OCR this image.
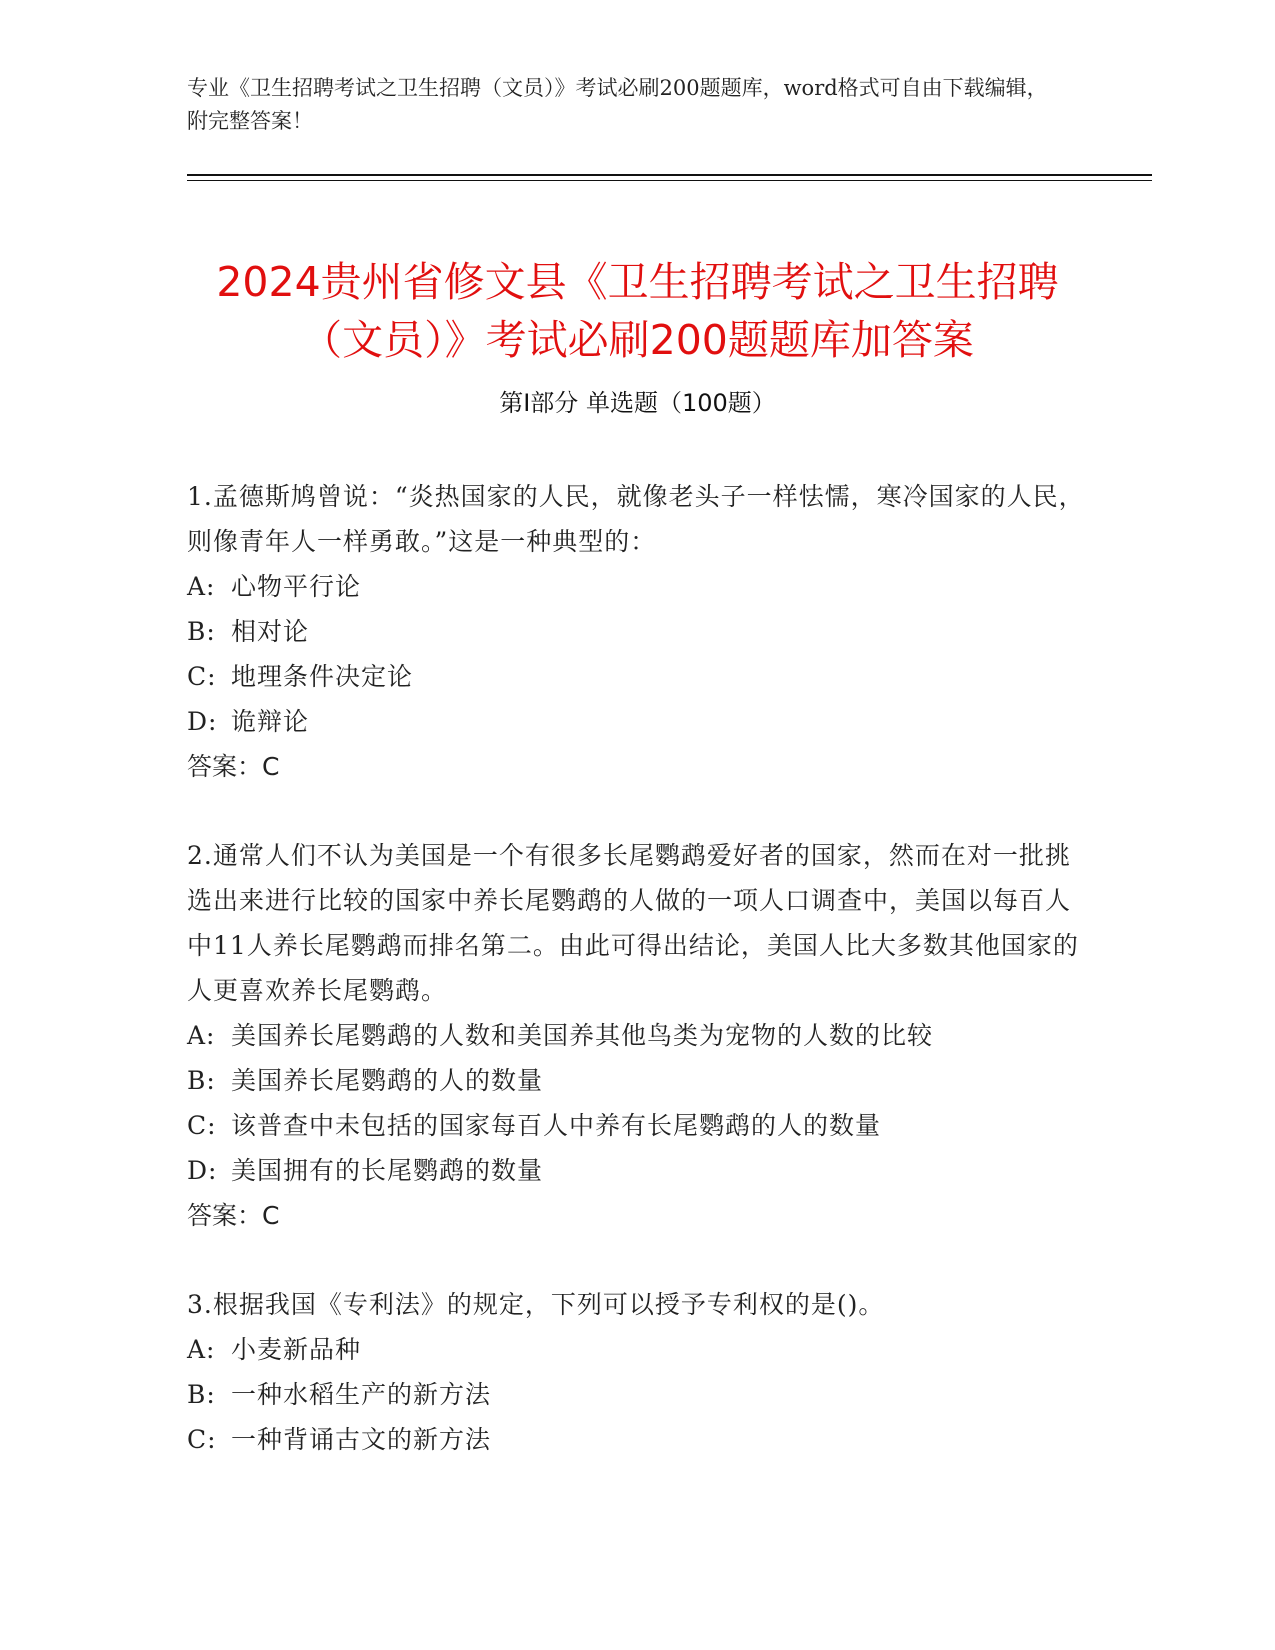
专业《卫生招聘考试之卫生招聘（文员）》考试必刷200题题库，word格式可自由下载编辑，附完整答案！
2024贵州省修文县《卫生招聘考试之卫生招聘（文员）》考试必刷200题题库加答案
第Ⅰ部分 单选题（100题）
1.孟德斯鸠曾说：“炎热国家的人民，就像老头子一样怯懦，寒冷国家的人民，则像青年人一样勇敢。”这是一种典型的：
A: 心物平行论
B: 相对论
C: 地理条件决定论
D: 诡辩论
答案：C
2.通常人们不认为美国是一个有很多长尾鹦鹉爱好者的国家，然而在对一批挑选出来进行比较的国家中养长尾鹦鹉的人做的一项人口调查中，美国以每百人中11人养长尾鹦鹉而排名第二。由此可得出结论，美国人比大多数其他国家的人更喜欢养长尾鹦鹉。
A: 美国养长尾鹦鹉的人数和美国养其他鸟类为宠物的人数的比较
B: 美国养长尾鹦鹉的人的数量
C: 该普查中未包括的国家每百人中养有长尾鹦鹉的人的数量
D: 美国拥有的长尾鹦鹉的数量
答案：C
3.根据我国《专利法》的规定，下列可以授予专利权的是()。
A: 小麦新品种
B: 一种水稻生产的新方法
C: 一种背诵古文的新方法
